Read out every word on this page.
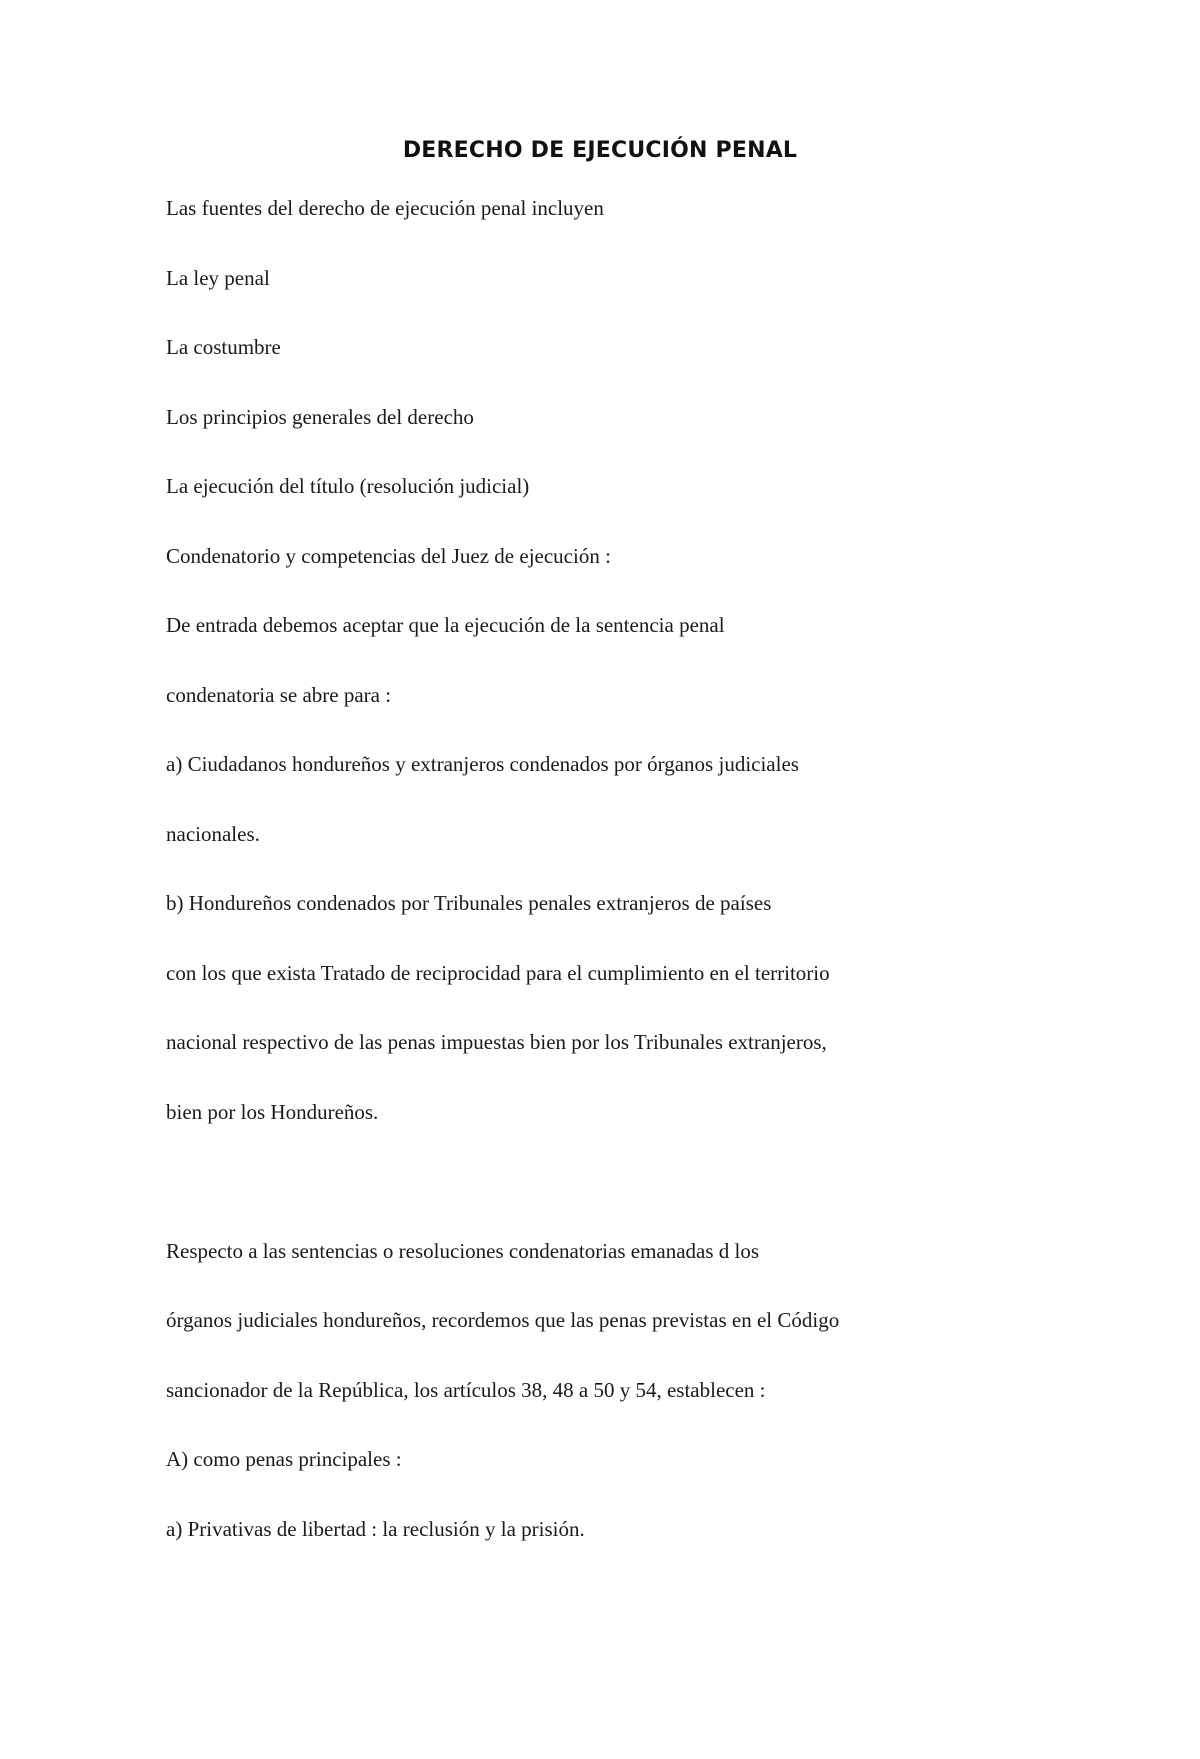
DERECHO DE EJECUCIÓN PENAL
Las fuentes del derecho de ejecución penal incluyen
La ley penal
La costumbre
Los principios generales del derecho
La ejecución del título (resolución judicial)
Condenatorio y competencias del Juez de ejecución :
De entrada debemos aceptar que la ejecución de la sentencia penal
condenatoria se abre para :
a) Ciudadanos hondureños y extranjeros condenados por órganos judiciales
nacionales.
b) Hondureños condenados por Tribunales penales extranjeros de países
con los que exista Tratado de reciprocidad para el cumplimiento en el territorio
nacional respectivo de las penas impuestas bien por los Tribunales extranjeros,
bien por los Hondureños.
Respecto a las sentencias o resoluciones condenatorias emanadas d los
órganos judiciales hondureños, recordemos que las penas previstas en el Código
sancionador de la República, los artículos 38, 48 a 50 y 54, establecen :
A) como penas principales :
a) Privativas de libertad : la reclusión y la prisión.
